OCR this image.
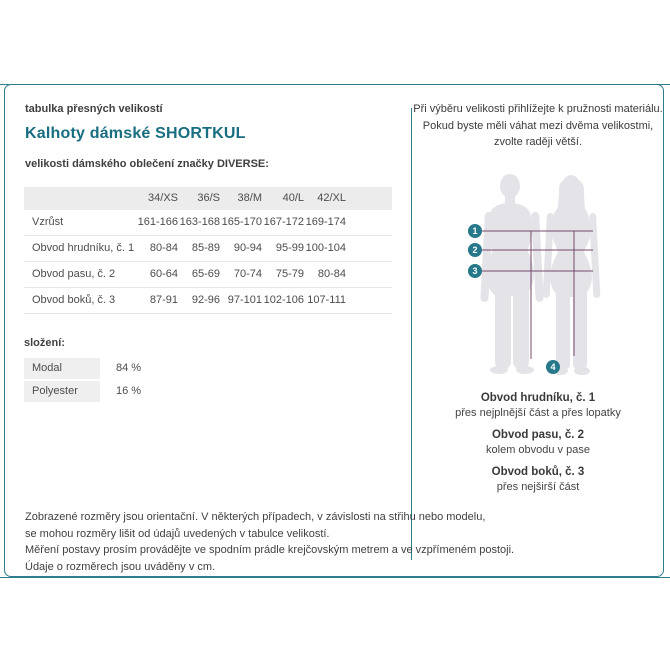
tabulka přesných velikostí
Kalhoty dámské SHORTKUL
velikosti dámského oblečení značky DIVERSE:
	34/XS	36/S	38/M	40/L	42/XL	
Vzrůst	161-166	163-168	165-170	167-172	169-174	
Obvod hrudníku, č. 1	80-84	85-89	90-94	95-99	100-104	
Obvod pasu, č. 2	60-64	65-69	70-74	75-79	80-84	
Obvod boků, č. 3	87-91	92-96	97-101	102-106	107-111	
složení:
Modal	84 %
Polyester	16 %
Zobrazené rozměry jsou orientační. V některých případech, v závislosti na střihu nebo modelu,
se mohou rozměry lišit od údajů uvedených v tabulce velikostí.
Měření postavy prosím provádějte ve spodním prádle krejčovským metrem a ve vzpřímeném postoji.
Údaje o rozměrech jsou uváděny v cm.
Při výběru velikosti přihlížejte k pružnosti materiálu.
Pokud byste měli váhat mezi dvěma velikostmi,
zvolte raději větší.
1
2
3
4
Obvod hrudníku, č. 1
přes nejplnější část a přes lopatky
Obvod pasu, č. 2
kolem obvodu v pase
Obvod boků, č. 3
přes nejširší část
